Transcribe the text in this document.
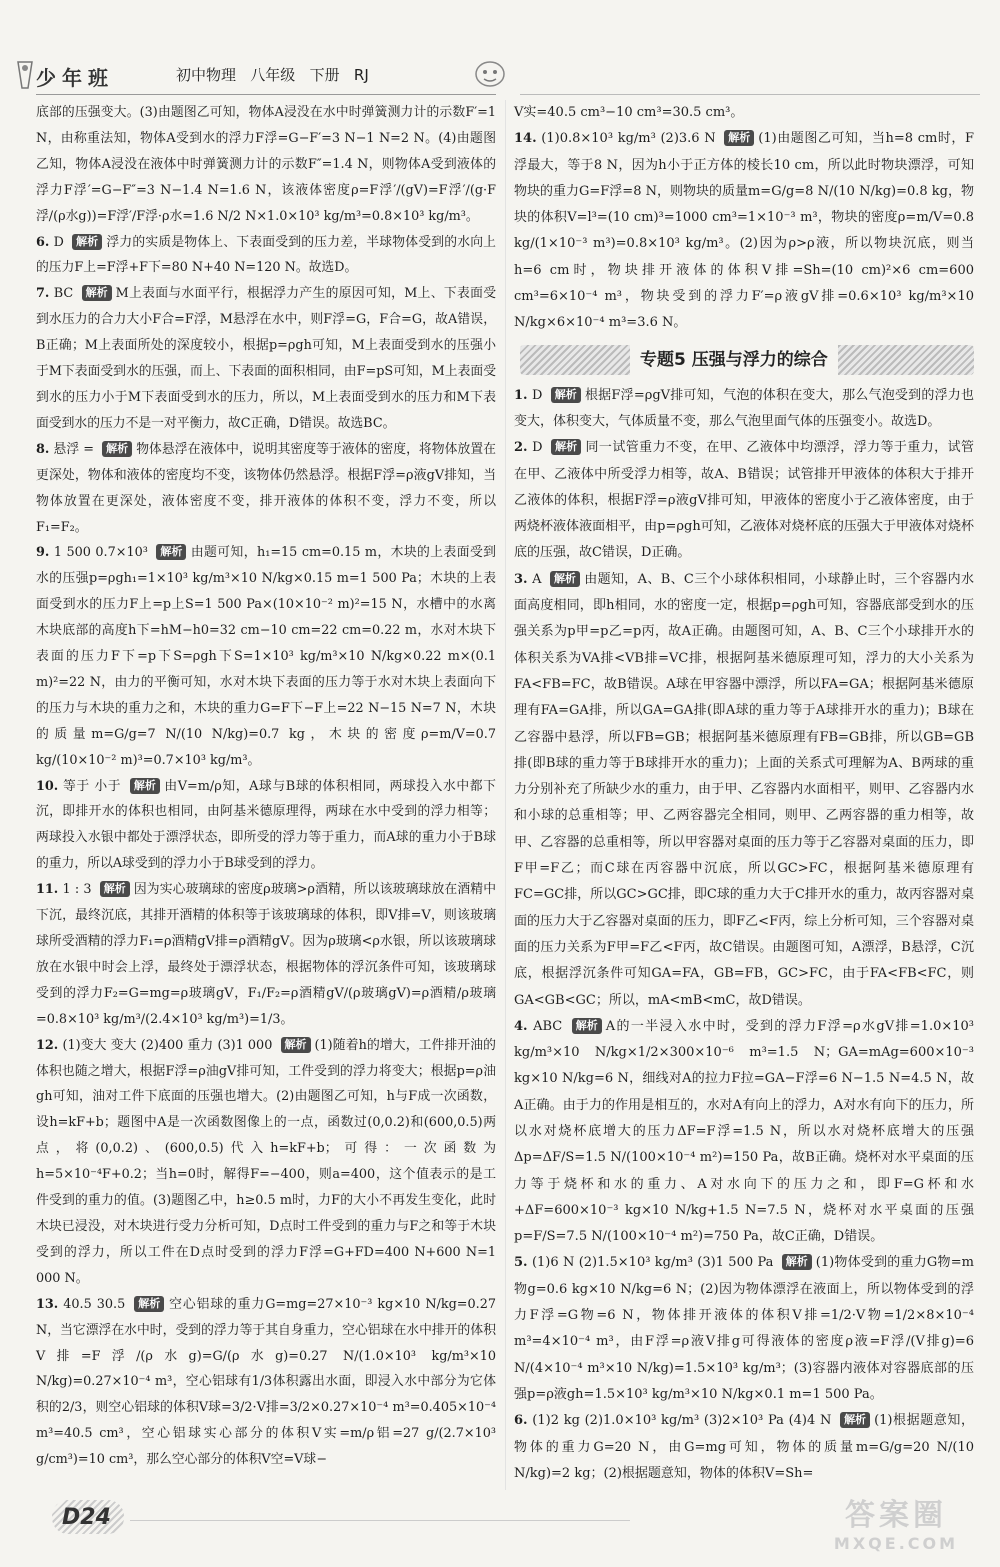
少年班	初中物理   八年级   下册   RJ

底部的压强变大。(3)由题图乙可知，物体A浸没在水中时弹簧测力计的示数F′=1 N，由称重法知，物体A受到水的浮力F浮=G−F′=3 N−1 N=2 N。(4)由题图乙知，物体A浸没在液体中时弹簧测力计的示数F″=1.4 N，则物体A受到液体的浮力F浮′=G−F″=3 N−1.4 N=1.6 N，该液体密度ρ=F浮′/(gV)=F浮′/(g·F浮/(ρ水g))=F浮′/F浮·ρ水=1.6 N/2 N×1.0×10³ kg/m³=0.8×10³ kg/m³。

6. D 解析 浮力的实质是物体上、下表面受到的压力差，半球物体受到的水向上的压力F上=F浮+F下=80 N+40 N=120 N。故选D。

7. BC 解析 M上表面与水面平行，根据浮力产生的原因可知，M上、下表面受到水压力的合力大小F合=F浮，M悬浮在水中，则F浮=G，F合=G，故A错误，B正确；M上表面所处的深度较小，根据p=ρgh可知，M上表面受到水的压强小于M下表面受到水的压强，而上、下表面的面积相同，由F=pS可知，M上表面受到水的压力小于M下表面受到水的压力，所以，M上表面受到水的压力和M下表面受到水的压力不是一对平衡力，故C正确，D错误。故选BC。

8. 悬浮 = 解析 物体悬浮在液体中，说明其密度等于液体的密度，将物体放置在更深处，物体和液体的密度均不变，该物体仍然悬浮。根据F浮=ρ液gV排知，当物体放置在更深处，液体密度不变，排开液体的体积不变，浮力不变，所以F₁=F₂。

9. 1 500 0.7×10³ 解析 由题可知，h₁=15 cm=0.15 m，木块的上表面受到水的压强p=ρgh₁=1×10³ kg/m³×10 N/kg×0.15 m=1 500 Pa；木块的上表面受到水的压力F上=p上S=1 500 Pa×(10×10⁻² m)²=15 N，水槽中的水离木块底部的高度h下=hM−h0=32 cm−10 cm=22 cm=0.22 m，水对木块下表面的压力F下=p下S=ρgh下S=1×10³ kg/m³×10 N/kg×0.22 m×(0.1 m)²=22 N，由力的平衡可知，水对木块下表面的压力等于水对木块上表面向下的压力与木块的重力之和，木块的重力G=F下−F上=22 N−15 N=7 N，木块的质量m=G/g=7 N/(10 N/kg)=0.7 kg，木块的密度ρ=m/V=0.7 kg/(10×10⁻² m)³=0.7×10³ kg/m³。

10. 等于 小于 解析 由V=m/ρ知，A球与B球的体积相同，两球投入水中都下沉，即排开水的体积也相同，由阿基米德原理得，两球在水中受到的浮力相等；两球投入水银中都处于漂浮状态，即所受的浮力等于重力，而A球的重力小于B球的重力，所以A球受到的浮力小于B球受到的浮力。

11. 1 : 3 解析 因为实心玻璃球的密度ρ玻璃>ρ酒精，所以该玻璃球放在酒精中下沉，最终沉底，其排开酒精的体积等于该玻璃球的体积，即V排=V，则该玻璃球所受酒精的浮力F₁=ρ酒精gV排=ρ酒精gV。因为ρ玻璃<ρ水银，所以该玻璃球放在水银中时会上浮，最终处于漂浮状态，根据物体的浮沉条件可知，该玻璃球受到的浮力F₂=G=mg=ρ玻璃gV，F₁/F₂=ρ酒精gV/(ρ玻璃gV)=ρ酒精/ρ玻璃=0.8×10³ kg/m³/(2.4×10³ kg/m³)=1/3。

12. (1)变大 变大 (2)400 重力 (3)1 000 解析 (1)随着h的增大，工件排开油的体积也随之增大，根据F浮=ρ油gV排可知，工件受到的浮力将变大；根据p=ρ油gh可知，油对工件下底面的压强也增大。(2)由题图乙可知，h与F成一次函数，设h=kF+b；题图中A是一次函数图像上的一点，函数过(0,0.2)和(600,0.5)两点，将(0,0.2)、(600,0.5)代入h=kF+b；可得：一次函数为h=5×10⁻⁴F+0.2；当h=0时，解得F=−400，则a=400，这个值表示的是工件受到的重力的值。(3)题图乙中，h≥0.5 m时，力F的大小不再发生变化，此时木块已浸没，对木块进行受力分析可知，D点时工件受到的重力与F之和等于木块受到的浮力，所以工件在D点时受到的浮力F浮=G+FD=400 N+600 N=1 000 N。

13. 40.5 30.5 解析 空心铝球的重力G=mg=27×10⁻³ kg×10 N/kg=0.27 N，当它漂浮在水中时，受到的浮力等于其自身重力，空心铝球在水中排开的体积V排=F浮/(ρ水g)=G/(ρ水g)=0.27 N/(1.0×10³ kg/m³×10 N/kg)=0.27×10⁻⁴ m³，空心铝球有1/3体积露出水面，即浸入水中部分为它体积的2/3，则空心铝球的体积V球=3/2·V排=3/2×0.27×10⁻⁴ m³=0.405×10⁻⁴ m³=40.5 cm³，空心铝球实心部分的体积V实=m/ρ铝=27 g/(2.7×10³ g/cm³)=10 cm³，那么空心部分的体积V空=V球−

V实=40.5 cm³−10 cm³=30.5 cm³。

14. (1)0.8×10³ kg/m³ (2)3.6 N 解析 (1)由题图乙可知，当h=8 cm时，F浮最大，等于8 N，因为h小于正方体的棱长10 cm，所以此时物块漂浮，可知物块的重力G=F浮=8 N，则物块的质量m=G/g=8 N/(10 N/kg)=0.8 kg，物块的体积V=l³=(10 cm)³=1000 cm³=1×10⁻³ m³，物块的密度ρ=m/V=0.8 kg/(1×10⁻³ m³)=0.8×10³ kg/m³。(2)因为ρ>ρ液，所以物块沉底，则当h=6 cm时，物块排开液体的体积V排=Sh=(10 cm)²×6 cm=600 cm³=6×10⁻⁴ m³，物块受到的浮力F′=ρ液gV排=0.6×10³ kg/m³×10 N/kg×6×10⁻⁴ m³=3.6 N。

专题5 压强与浮力的综合

1. D 解析 根据F浮=ρgV排可知，气泡的体积在变大，那么气泡受到的浮力也变大，体积变大，气体质量不变，那么气泡里面气体的压强变小。故选D。

2. D 解析 同一试管重力不变，在甲、乙液体中均漂浮，浮力等于重力，试管在甲、乙液体中所受浮力相等，故A、B错误；试管排开甲液体的体积大于排开乙液体的体积，根据F浮=ρ液gV排可知，甲液体的密度小于乙液体密度，由于两烧杯液体液面相平，由p=ρgh可知，乙液体对烧杯底的压强大于甲液体对烧杯底的压强，故C错误，D正确。

3. A 解析 由题知，A、B、C三个小球体积相同，小球静止时，三个容器内水面高度相同，即h相同，水的密度一定，根据p=ρgh可知，容器底部受到水的压强关系为p甲=p乙=p丙，故A正确。由题图可知，A、B、C三个小球排开水的体积关系为VA排<VB排=VC排，根据阿基米德原理可知，浮力的大小关系为FA<FB=FC，故B错误。A球在甲容器中漂浮，所以FA=GA；根据阿基米德原理有FA=GA排，所以GA=GA排(即A球的重力等于A球排开水的重力)；B球在乙容器中悬浮，所以FB=GB；根据阿基米德原理有FB=GB排，所以GB=GB排(即B球的重力等于B球排开水的重力)；上面的关系式可理解为A、B两球的重力分别补充了所缺少水的重力，由于甲、乙容器内水面相平，则甲、乙容器内水和小球的总重相等；甲、乙两容器完全相同，则甲、乙两容器的重力相等，故甲、乙容器的总重相等，所以甲容器对桌面的压力等于乙容器对桌面的压力，即F甲=F乙；而C球在丙容器中沉底，所以GC>FC，根据阿基米德原理有FC=GC排，所以GC>GC排，即C球的重力大于C排开水的重力，故丙容器对桌面的压力大于乙容器对桌面的压力，即F乙<F丙，综上分析可知，三个容器对桌面的压力关系为F甲=F乙<F丙，故C错误。由题图可知，A漂浮，B悬浮，C沉底，根据浮沉条件可知GA=FA，GB=FB，GC>FC，由于FA<FB<FC，则GA<GB<GC；所以，mA<mB<mC，故D错误。

4. ABC 解析 A的一半浸入水中时，受到的浮力F浮=ρ水gV排=1.0×10³ kg/m³×10 N/kg×1/2×300×10⁻⁶ m³=1.5 N；GA=mAg=600×10⁻³ kg×10 N/kg=6 N，细线对A的拉力F拉=GA−F浮=6 N−1.5 N=4.5 N，故A正确。由于力的作用是相互的，水对A有向上的浮力，A对水有向下的压力，所以水对烧杯底增大的压力ΔF=F浮=1.5 N，所以水对烧杯底增大的压强Δp=ΔF/S=1.5 N/(100×10⁻⁴ m²)=150 Pa，故B正确。烧杯对水平桌面的压力等于烧杯和水的重力、A对水向下的压力之和，即F=G杯和水+ΔF=600×10⁻³ kg×10 N/kg+1.5 N=7.5 N，烧杯对水平桌面的压强p=F/S=7.5 N/(100×10⁻⁴ m²)=750 Pa，故C正确，D错误。

5. (1)6 N (2)1.5×10³ kg/m³ (3)1 500 Pa 解析 (1)物体受到的重力G物=m物g=0.6 kg×10 N/kg=6 N；(2)因为物体漂浮在液面上，所以物体受到的浮力F浮=G物=6 N，物体排开液体的体积V排=1/2·V物=1/2×8×10⁻⁴ m³=4×10⁻⁴ m³，由F浮=ρ液V排g可得液体的密度ρ液=F浮/(V排g)=6 N/(4×10⁻⁴ m³×10 N/kg)=1.5×10³ kg/m³；(3)容器内液体对容器底部的压强p=ρ液gh=1.5×10³ kg/m³×10 N/kg×0.1 m=1 500 Pa。

6. (1)2 kg (2)1.0×10³ kg/m³ (3)2×10³ Pa (4)4 N 解析 (1)根据题意知，物体的重力G=20 N，由G=mg可知，物体的质量m=G/g=20 N/(10 N/kg)=2 kg；(2)根据题意知，物体的体积V=Sh=

D24	答案圈
MXQE.COM
